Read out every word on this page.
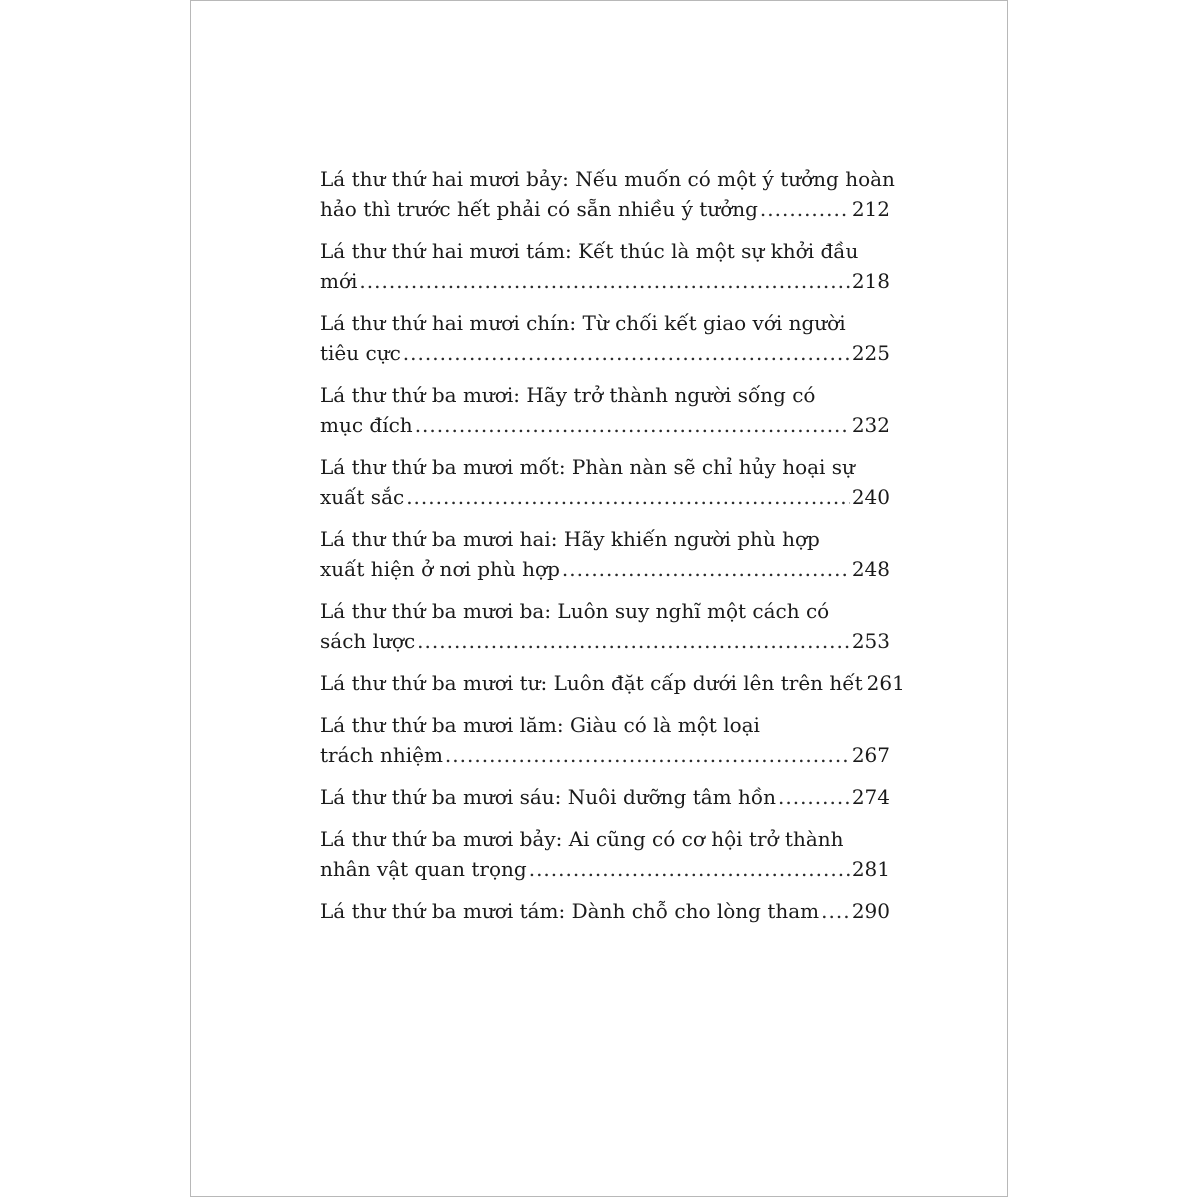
Lá thư thứ hai mươi bảy: Nếu muốn có một ý tưởng hoàn
hảo thì trước hết phải có sẵn nhiều ý tưởng .....	212
Lá thư thứ hai mươi tám: Kết thúc là một sự khởi đầu
mới .....	218
Lá thư thứ hai mươi chín: Từ chối kết giao với người
tiêu cực .....	225
Lá thư thứ ba mươi: Hãy trở thành người sống có
mục đích .....	232
Lá thư thứ ba mươi mốt: Phàn nàn sẽ chỉ hủy hoại sự
xuất sắc .....	240
Lá thư thứ ba mươi hai: Hãy khiến người phù hợp
xuất hiện ở nơi phù hợp .....	248
Lá thư thứ ba mươi ba: Luôn suy nghĩ một cách có
sách lược .....	253
Lá thư thứ ba mươi tư: Luôn đặt cấp dưới lên trên hết 261
Lá thư thứ ba mươi lăm: Giàu có là một loại
trách nhiệm .....	267
Lá thư thứ ba mươi sáu: Nuôi dưỡng tâm hồn .....	274
Lá thư thứ ba mươi bảy: Ai cũng có cơ hội trở thành
nhân vật quan trọng .....	281
Lá thư thứ ba mươi tám: Dành chỗ cho lòng tham ..... 290
